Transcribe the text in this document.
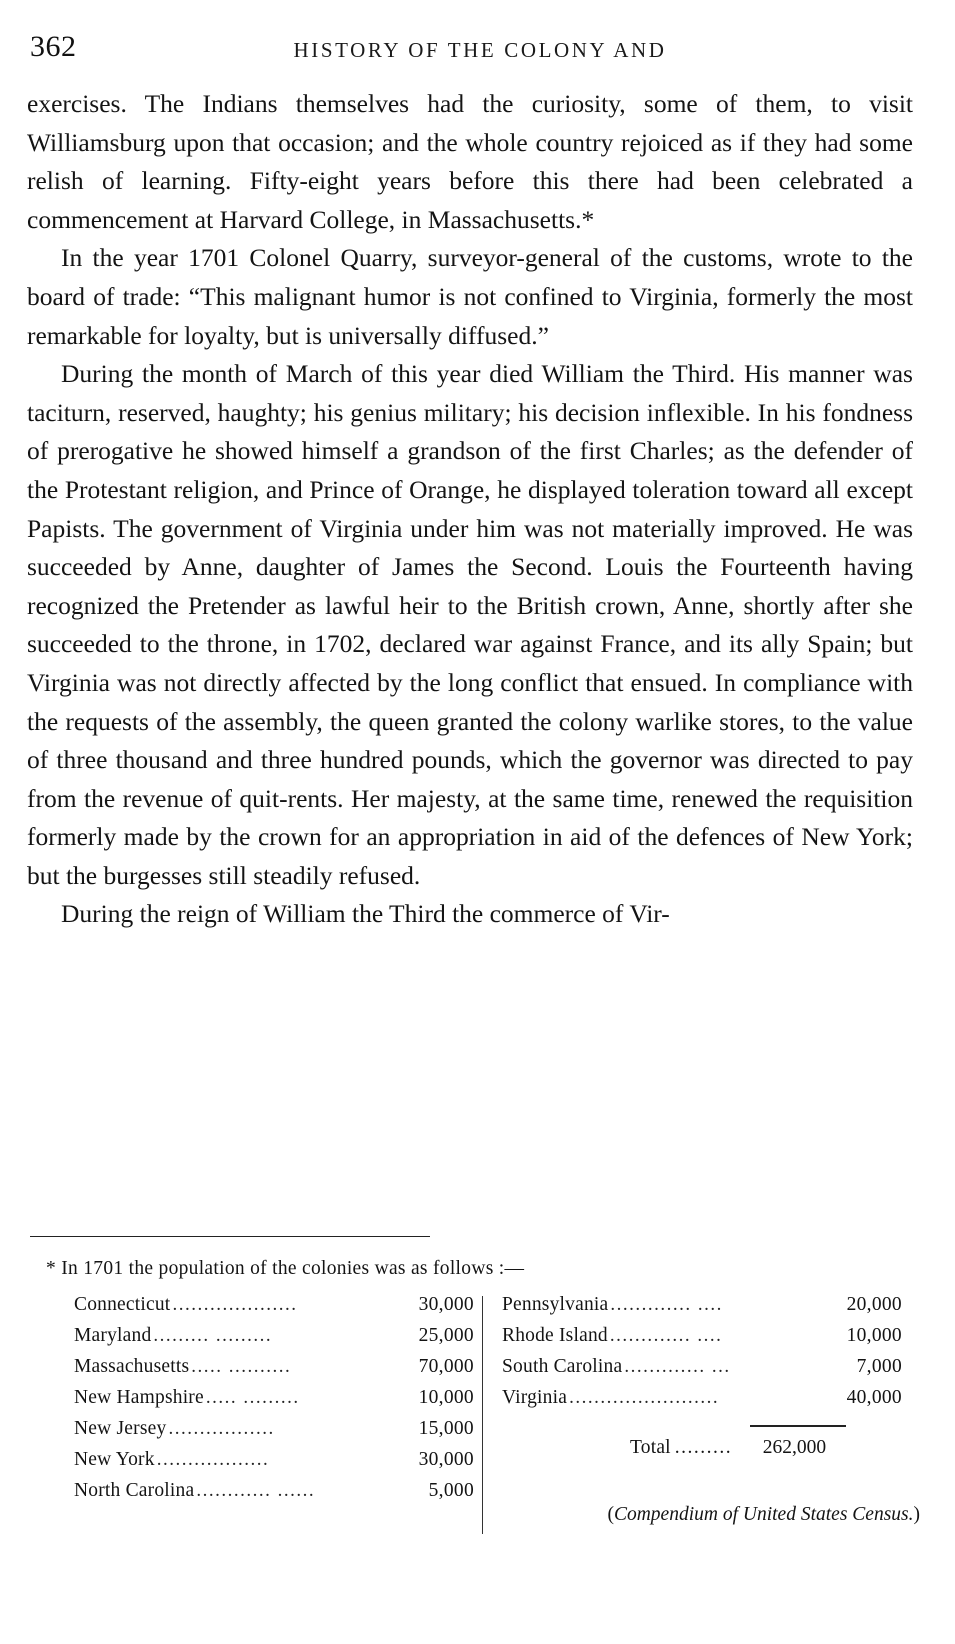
362	HISTORY OF THE COLONY AND

exercises. The Indians themselves had the curiosity, some of them, to visit Williamsburg upon that occasion; and the whole country rejoiced as if they had some relish of learning. Fifty-eight years before this there had been celebrated a commencement at Harvard College, in Massachusetts.*

In the year 1701 Colonel Quarry, surveyor-general of the customs, wrote to the board of trade: “This malignant humor is not confined to Virginia, formerly the most remarkable for loyalty, but is universally diffused.”

During the month of March of this year died William the Third. His manner was taciturn, reserved, haughty; his genius military; his decision inflexible. In his fondness of prerogative he showed himself a grandson of the first Charles; as the defender of the Protestant religion, and Prince of Orange, he displayed toleration toward all except Papists. The government of Virginia under him was not materially improved. He was succeeded by Anne, daughter of James the Second. Louis the Fourteenth having recognized the Pretender as lawful heir to the British crown, Anne, shortly after she succeeded to the throne, in 1702, declared war against France, and its ally Spain; but Virginia was not directly affected by the long conflict that ensued. In compliance with the requests of the assembly, the queen granted the colony warlike stores, to the value of three thousand and three hundred pounds, which the governor was directed to pay from the revenue of quit-rents. Her majesty, at the same time, renewed the requisition formerly made by the crown for an appropriation in aid of the defences of New York; but the burgesses still steadily refused.

During the reign of William the Third the commerce of Vir-

* In 1701 the population of the colonies was as follows :—
Connecticut ....................	30,000
Maryland ......... .........	25,000
Massachusetts ..... ..........	70,000
New Hampshire ..... .........	10,000
New Jersey .................	15,000
New York ..................	30,000
North Carolina ............ ......	5,000
Pennsylvania ............. ....	20,000
Rhode Island ............. ....	10,000
South Carolina ............. ...	7,000
Virginia ........................	40,000
Total .........	262,000
(Compendium of United States Census.)
